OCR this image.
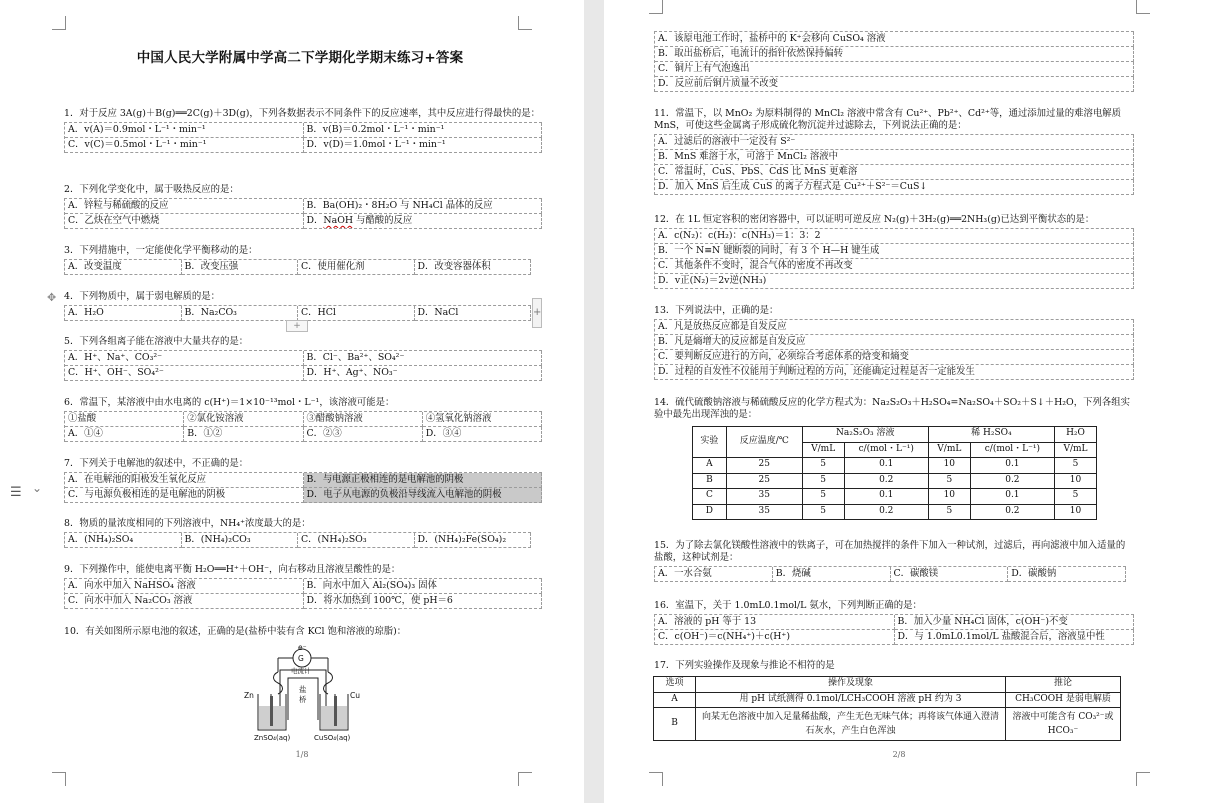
中国人民大学附属中学高二下学期化学期末练习+答案
1．对于反应 3A(g)＋B(g)══2C(g)＋3D(g)，下列各数据表示不同条件下的反应速率，其中反应进行得最快的是：
A．v(A)＝0.9mol・L⁻¹・min⁻¹	B．v(B)＝0.2mol・L⁻¹・min⁻¹
C．v(C)＝0.5mol・L⁻¹・min⁻¹	D．v(D)＝1.0mol・L⁻¹・min⁻¹
2．下列化学变化中，属于吸热反应的是：
A．锌粒与稀硫酸的反应	B．Ba(OH)₂・8H₂O 与 NH₄Cl 晶体的反应
C．乙炔在空气中燃烧	D．NaOH 与醋酸的反应
3．下列措施中，一定能使化学平衡移动的是：
A．改变温度	B．改变压强	C．使用催化剂	D．改变容器体积
4．下列物质中，属于弱电解质的是：
A．H₂O	B．Na₂CO₃	C．HCl	D．NaCl
5．下列各组离子能在溶液中大量共存的是：
A．H⁺、Na⁺、CO₃²⁻	B．Cl⁻、Ba²⁺、SO₄²⁻
C．H⁺、OH⁻、SO₄²⁻	D．H⁺、Ag⁺、NO₃⁻
6．常温下，某溶液中由水电离的 c(H⁺)＝1×10⁻¹³mol・L⁻¹，该溶液可能是：
①盐酸	②氯化铵溶液	③醋酸钠溶液	④氢氧化钠溶液
A．①④	B．①②	C．②③	D．③④
7．下列关于电解池的叙述中，不正确的是：
A．在电解池的阳极发生氧化反应	B．与电源正极相连的是电解池的阴极
C．与电源负极相连的是电解池的阴极	D．电子从电源的负极沿导线流入电解池的阴极
8．物质的量浓度相同的下列溶液中，NH₄⁺浓度最大的是：
A．(NH₄)₂SO₄	B．(NH₄)₂CO₃	C．(NH₄)₂SO₃	D．(NH₄)₂Fe(SO₄)₂
9．下列操作中，能使电离平衡 H₂O══H⁺＋OH⁻，向右移动且溶液呈酸性的是：
A．向水中加入 NaHSO₄ 溶液	B．向水中加入 Al₂(SO₄)₃ 固体
C．向水中加入 Na₂CO₃ 溶液	D．将水加热到 100℃，使 pH＝6
10．有关如图所示原电池的叙述，正确的是(盐桥中装有含 KCl 饱和溶液的琼脂)：
e⁻
G
电流计
Zn	Cu
盐
桥
ZnSO₄(aq)	CuSO₄(aq)
1/8
✥
+
+
☰ ⌄
A．该原电池工作时，盐桥中的 K⁺会移向 CuSO₄ 溶液
B．取出盐桥后，电流计的指针依然保持偏转
C．铜片上有气泡逸出
D．反应前后铜片质量不改变
11．常温下，以 MnO₂ 为原料制得的 MnCl₂ 溶液中常含有 Cu²⁺、Pb²⁺、Cd²⁺等，通过添加过量的难溶电解质 MnS，可使这些金属离子形成硫化物沉淀并过滤除去，下列说法正确的是：
A．过滤后的溶液中一定没有 S²⁻
B．MnS 难溶于水，可溶于 MnCl₂ 溶液中
C．常温时，CuS、PbS、CdS 比 MnS 更难溶
D．加入 MnS 后生成 CuS 的离子方程式是 Cu²⁺＋S²⁻＝CuS↓
12．在 1L 恒定容积的密闭容器中，可以证明可逆反应 N₂(g)＋3H₂(g)══2NH₃(g)已达到平衡状态的是：
A．c(N₂)：c(H₂)：c(NH₃)＝1：3：2
B．一个 N≡N 键断裂的同时，有 3 个 H—H 键生成
C．其他条件不变时，混合气体的密度不再改变
D．v正(N₂)＝2v逆(NH₃)
13．下列说法中，正确的是：
A．凡是放热反应都是自发反应
B．凡是熵增大的反应都是自发反应
C．要判断反应进行的方向，必须综合考虑体系的焓变和熵变
D．过程的自发性不仅能用于判断过程的方向，还能确定过程是否一定能发生
14．硫代硫酸钠溶液与稀硫酸反应的化学方程式为：Na₂S₂O₃＋H₂SO₄=Na₂SO₄＋SO₂＋S↓＋H₂O，下列各组实验中最先出现浑浊的是：
实验	反应温度/℃	Na₂S₂O₃ 溶液		稀 H₂SO₄		H₂O
		V/mL	c/(mol・L⁻¹)	V/mL	c/(mol・L⁻¹)	V/mL
A	25	5	0.1	10	0.1	5
B	25	5	0.2	5	0.2	10
C	35	5	0.1	10	0.1	5
D	35	5	0.2	5	0.2	10
15．为了除去氯化镁酸性溶液中的铁离子，可在加热搅拌的条件下加入一种试剂，过滤后，再向滤液中加入适量的盐酸，这种试剂是：
A．一水合氨	B．烧碱	C．碳酸镁	D．碳酸钠
16．室温下，关于 1.0mL0.1mol/L 氨水，下列判断正确的是：
A．溶液的 pH 等于 13	B．加入少量 NH₄Cl 固体，c(OH⁻)不变
C．c(OH⁻)＝c(NH₄⁺)＋c(H⁺)	D．与 1.0mL0.1mol/L 盐酸混合后，溶液显中性
17．下列实验操作及现象与推论不相符的是
选项	操作及现象	推论
A	用 pH 试纸测得 0.1mol/LCH₃COOH 溶液 pH 约为 3	CH₃COOH 是弱电解质
B	向某无色溶液中加入足量稀盐酸，产生无色无味气体；再将该气体通入澄清石灰水，产生白色浑浊	溶液中可能含有 CO₃²⁻或 HCO₃⁻
2/8
